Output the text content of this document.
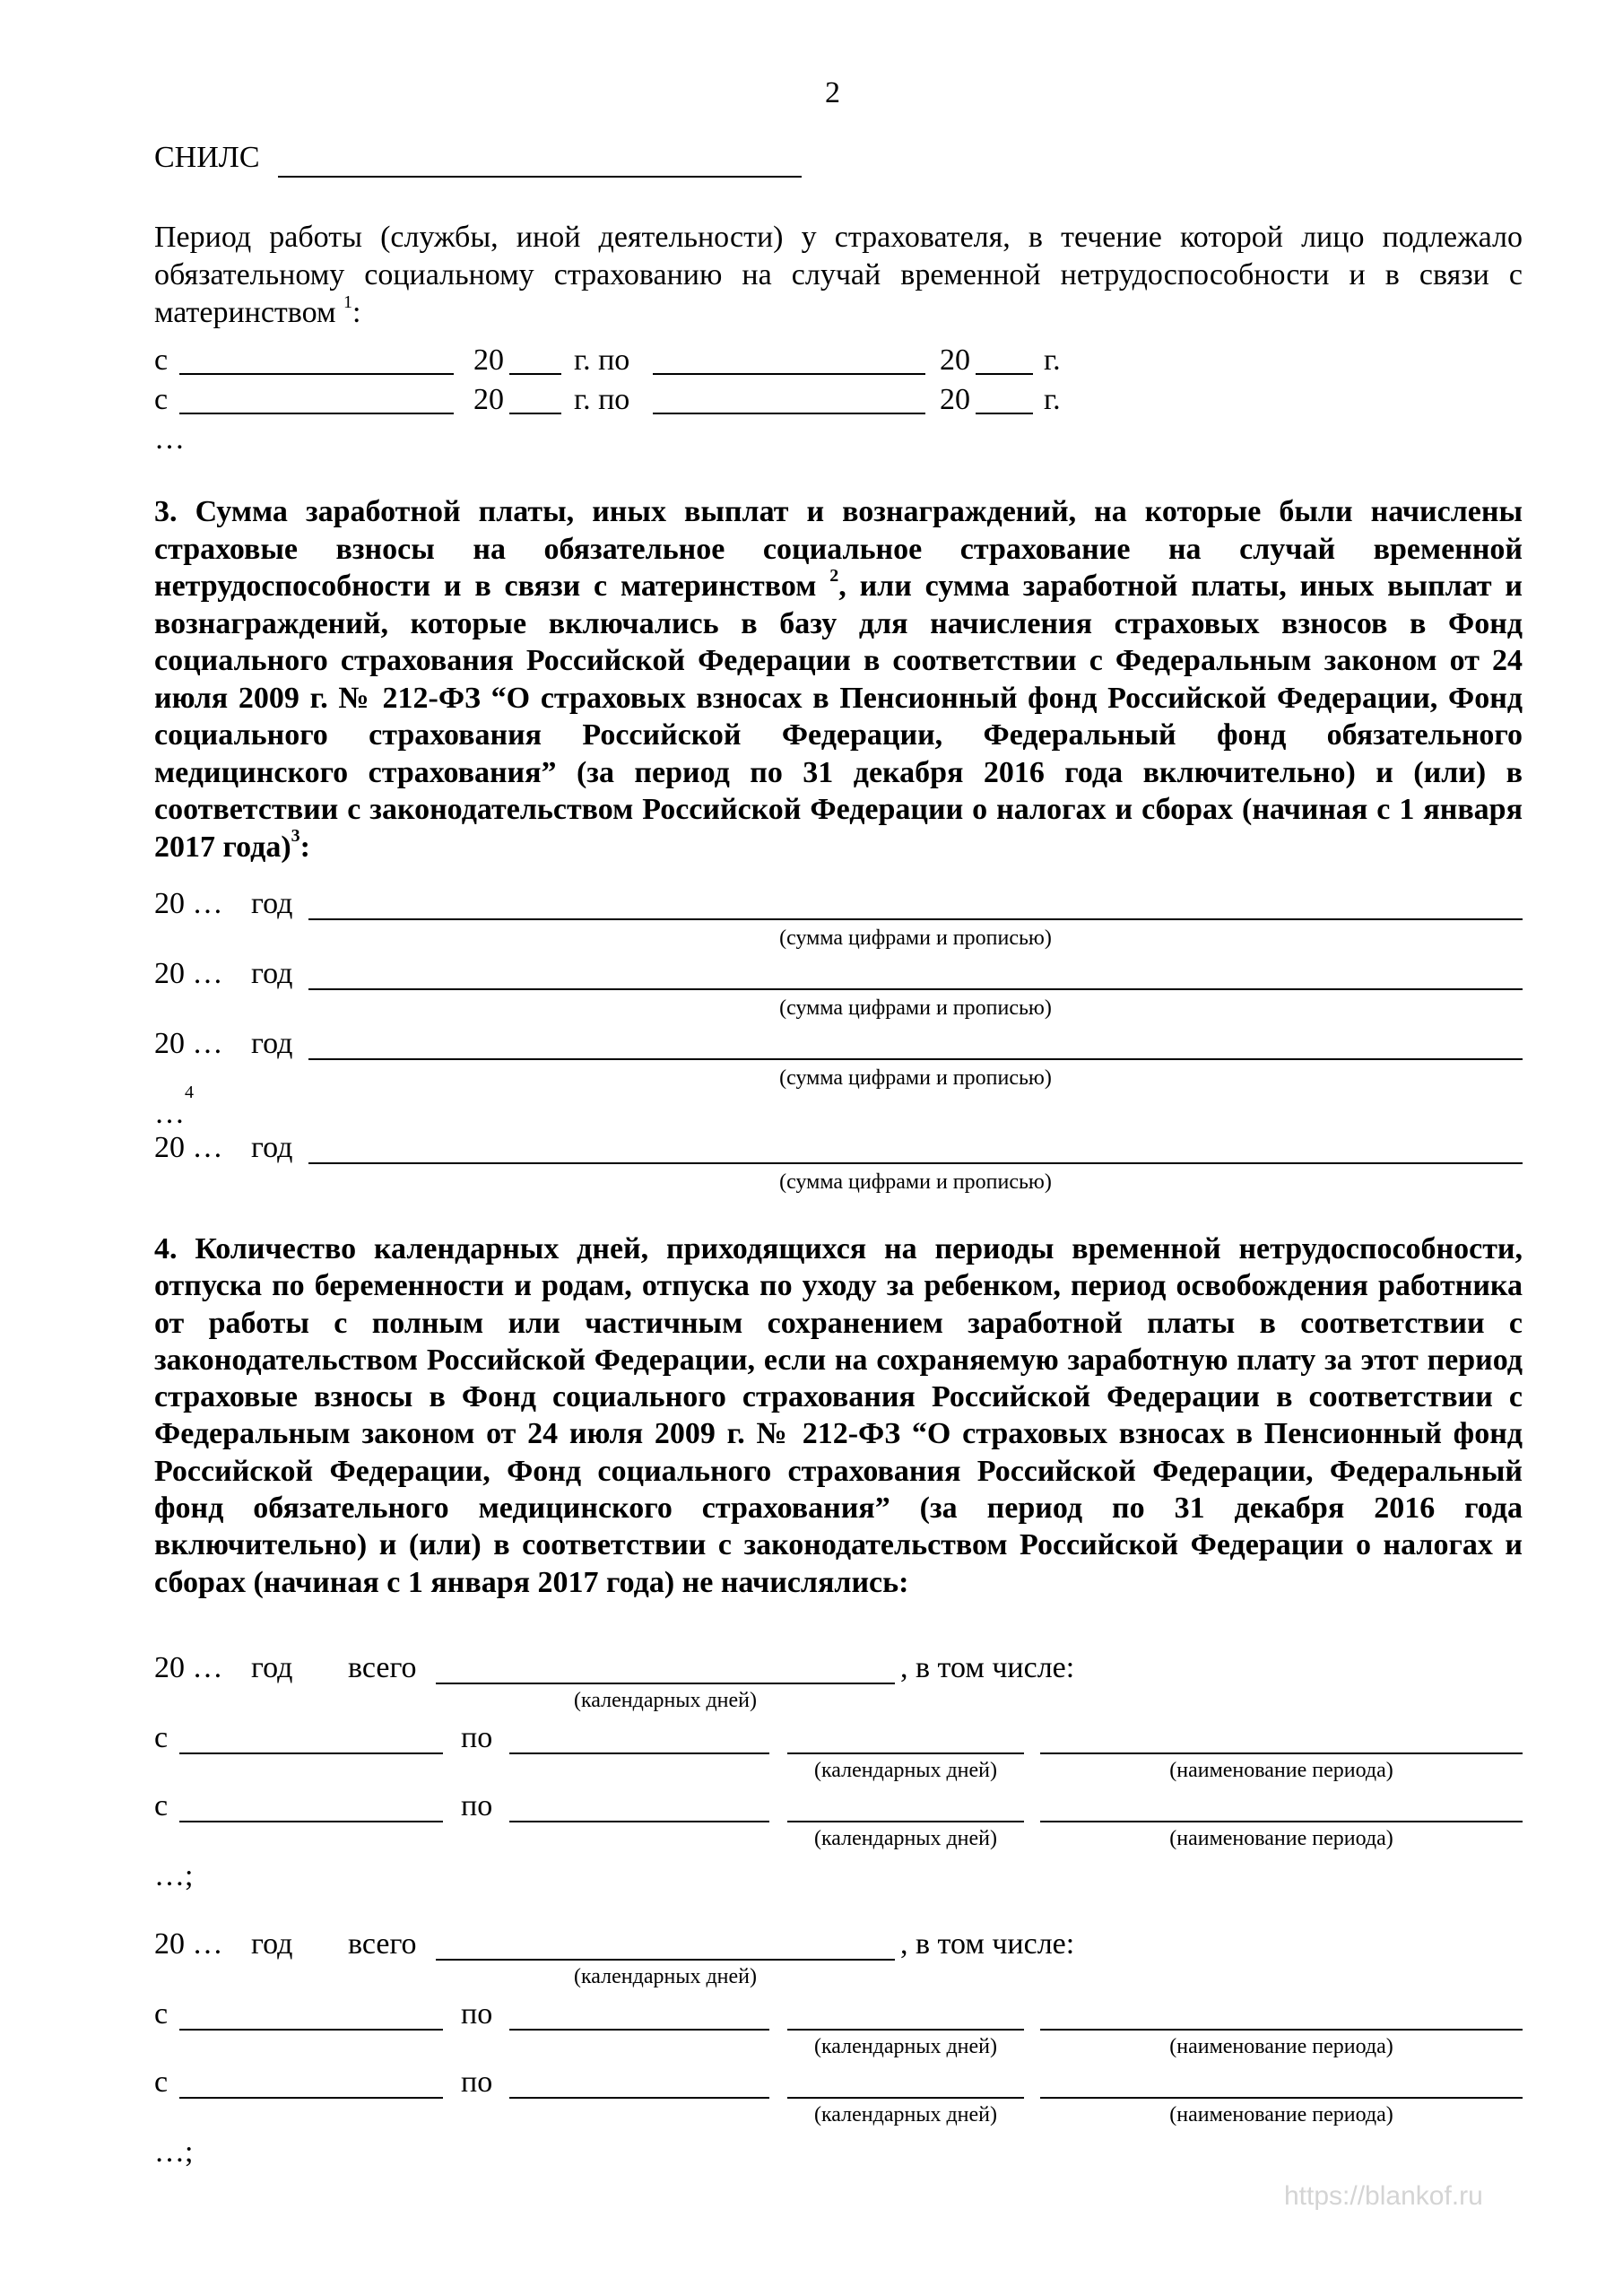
2
СНИЛС
Период работы (службы, иной деятельности) у страхователя, в течение которой лицо подлежало обязательному социальному страхованию на случай временной нетрудоспособности и в связи с материнством $^1$:
с	20 г. по	20 г.
с	20 г. по	20 г.
…
3. Сумма заработной платы, иных выплат и вознаграждений, на которые были начислены страховые взносы на обязательное социальное страхование на случай временной нетрудоспособности и в связи с материнством $^2$, или сумма заработной платы, иных выплат и вознаграждений, которые включались в базу для начисления страховых взносов в Фонд социального страхования Российской Федерации в соответствии с Федеральным законом от 24 июля 2009 г. № 212-ФЗ “О страховых взносах в Пенсионный фонд Российской Федерации, Фонд социального страхования Российской Федерации, Федеральный фонд обязательного медицинского страхования” (за период по 31 декабря 2016 года включительно) и (или) в соответствии с законодательством Российской Федерации о налогах и сборах (начиная с 1 января 2017 года)$^3$:
20 … год
(сумма цифрами и прописью)
20 … год
(сумма цифрами и прописью)
20 … год
(сумма цифрами и прописью)
…$^4$
20 … год
(сумма цифрами и прописью)
4. Количество календарных дней, приходящихся на периоды временной нетрудоспособности, отпуска по беременности и родам, отпуска по уходу за ребенком, период освобождения работника от работы с полным или частичным сохранением заработной платы в соответствии с законодательством Российской Федерации, если на сохраняемую заработную плату за этот период страховые взносы в Фонд социального страхования Российской Федерации в соответствии с Федеральным законом от 24 июля 2009 г. № 212-ФЗ “О страховых взносах в Пенсионный фонд Российской Федерации, Фонд социального страхования Российской Федерации, Федеральный фонд обязательного медицинского страхования” (за период по 31 декабря 2016 года включительно) и (или) в соответствии с законодательством Российской Федерации о налогах и сборах (начиная с 1 января 2017 года) не начислялись:
20 … год всего	, в том числе:
(календарных дней)
с	по
(календарных дней)	(наименование периода)
с	по
(календарных дней)	(наименование периода)
…;
20 … год всего	, в том числе:
(календарных дней)
с	по
(календарных дней)	(наименование периода)
с	по
(календарных дней)	(наименование периода)
…;
https://blankof.ru
